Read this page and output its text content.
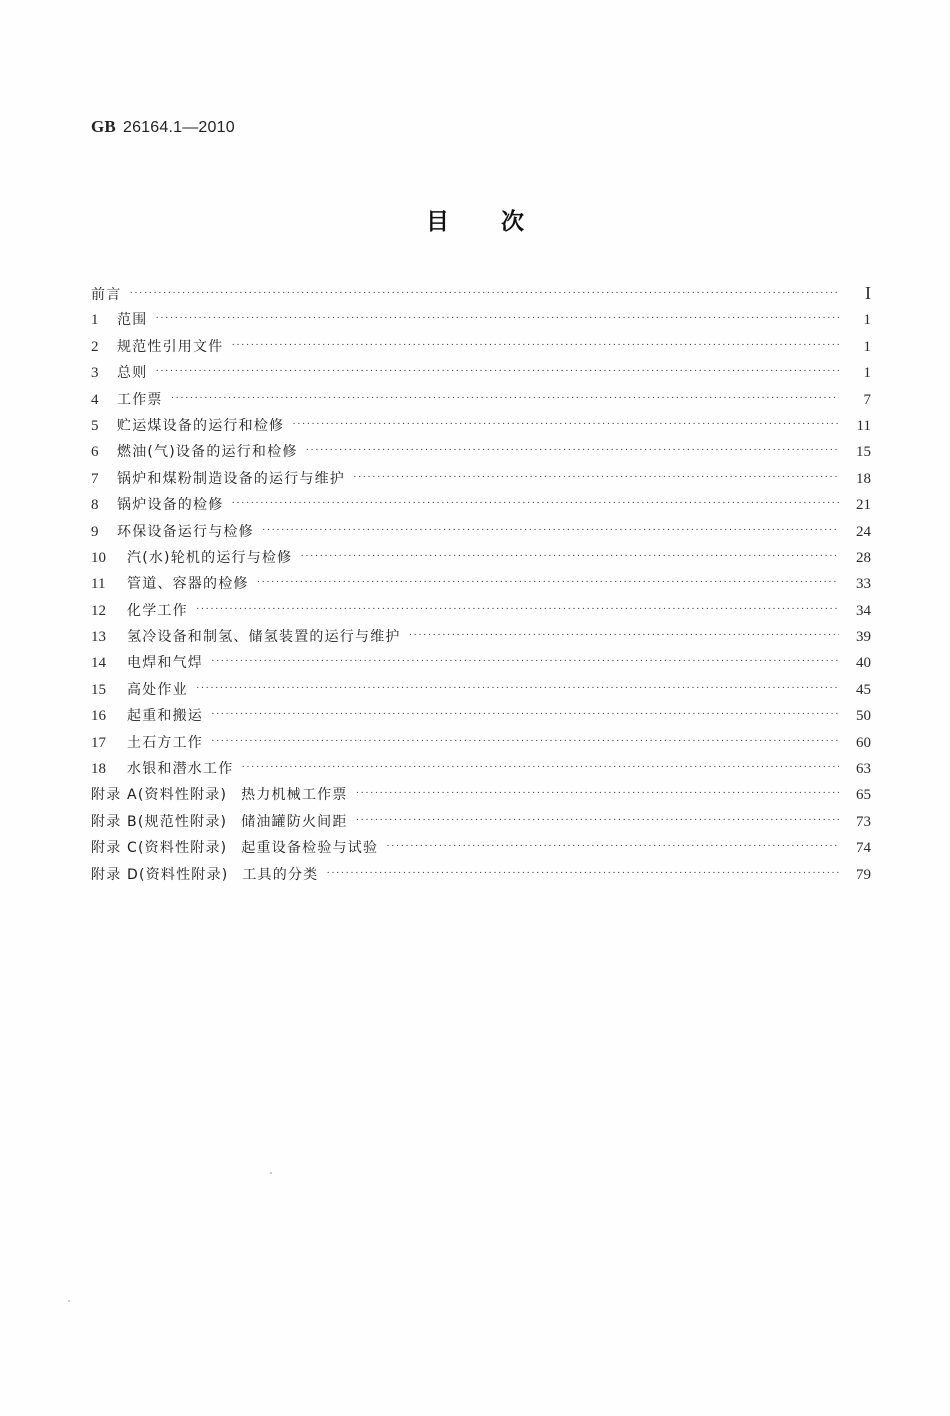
GB 26164.1—2010
目 次
前言 ·····	I
1	范围 ·····	1
2	规范性引用文件 ·····	1
3	总则 ·····	1
4	工作票 ·····	7
5	贮运煤设备的运行和检修 ·····	11
6	燃油(气)设备的运行和检修 ·····	15
7	锅炉和煤粉制造设备的运行与维护 ·····	18
8	锅炉设备的检修 ·····	21
9	环保设备运行与检修 ·····	24
10	汽(水)轮机的运行与检修 ·····	28
11	管道、容器的检修 ·····	33
12	化学工作 ·····	34
13	氢冷设备和制氢、储氢装置的运行与维护 ·····	39
14	电焊和气焊 ·····	40
15	高处作业 ·····	45
16	起重和搬运 ·····	50
17	土石方工作 ·····	60
18	水银和潜水工作 ·····	63
附录 A(资料性附录) 热力机械工作票 ·····	65
附录 B(规范性附录) 储油罐防火间距 ·····	73
附录 C(资料性附录) 起重设备检验与试验 ·····	74
附录 D(资料性附录) 工具的分类 ·····	79
